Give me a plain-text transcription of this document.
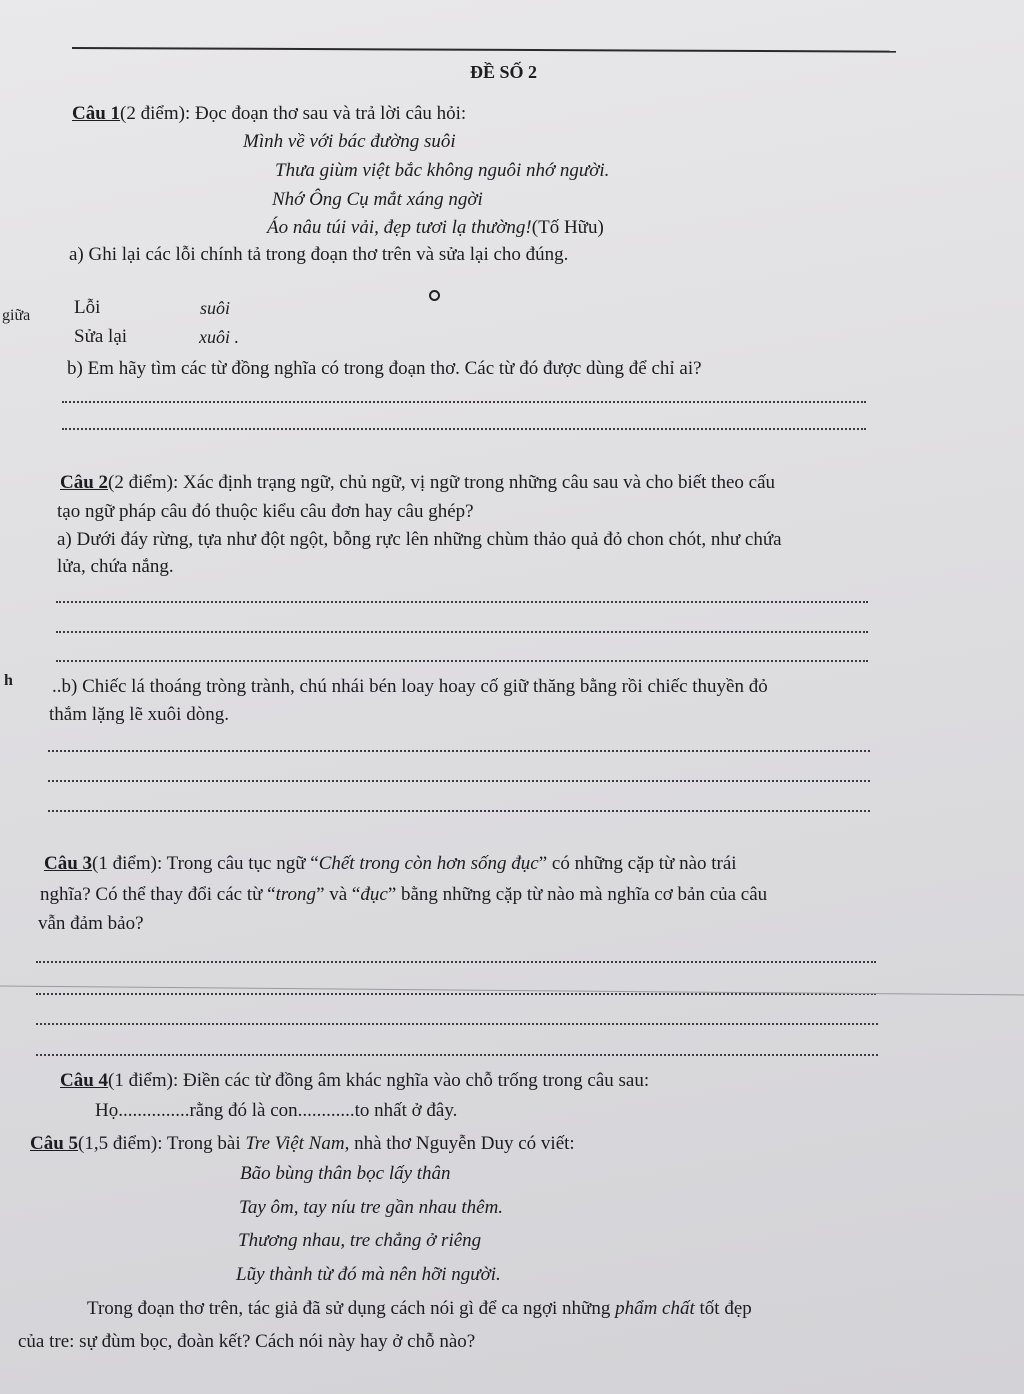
ĐỀ SỐ 2
Câu 1(2 điểm): Đọc đoạn thơ sau và trả lời câu hỏi:
Mình về với bác đường suôi
Thưa giùm việt bắc không nguôi nhớ người.
Nhớ Ông Cụ mắt xáng ngời
Áo nâu túi vải, đẹp tươi lạ thường!(Tố Hữu)
a) Ghi lại các lỗi chính tả trong đoạn thơ trên và sửa lại cho đúng.
giữa Lỗi	suôi
Sửa lại	xuôi .
b) Em hãy tìm các từ đồng nghĩa có trong đoạn thơ. Các từ đó được dùng để chỉ ai?
Câu 2(2 điểm): Xác định trạng ngữ, chủ ngữ, vị ngữ trong những câu sau và cho biết theo cấu
tạo ngữ pháp câu đó thuộc kiểu câu đơn hay câu ghép?
a) Dưới đáy rừng, tựa như đột ngột, bỗng rực lên những chùm thảo quả đỏ chon chót, như chứa
lửa, chứa nắng.
h ..b) Chiếc lá thoáng tròng trành, chú nhái bén loay hoay cố giữ thăng bằng rồi chiếc thuyền đỏ
thắm lặng lẽ xuôi dòng.
Câu 3(1 điểm): Trong câu tục ngữ “Chết trong còn hơn sống đục” có những cặp từ nào trái
nghĩa? Có thể thay đổi các từ “trong” và “đục” bằng những cặp từ nào mà nghĩa cơ bản của câu
vẫn đảm bảo?
Câu 4(1 điểm): Điền các từ đồng âm khác nghĩa vào chỗ trống trong câu sau:
Họ...............rằng đó là con............to nhất ở đây.
Câu 5(1,5 điểm): Trong bài Tre Việt Nam, nhà thơ Nguyễn Duy có viết:
Bão bùng thân bọc lấy thân
Tay ôm, tay níu tre gần nhau thêm.
Thương nhau, tre chẳng ở riêng
Lũy thành từ đó mà nên hỡi người.
Trong đoạn thơ trên, tác giả đã sử dụng cách nói gì để ca ngợi những phẩm chất tốt đẹp
của tre: sự đùm bọc, đoàn kết? Cách nói này hay ở chỗ nào?
